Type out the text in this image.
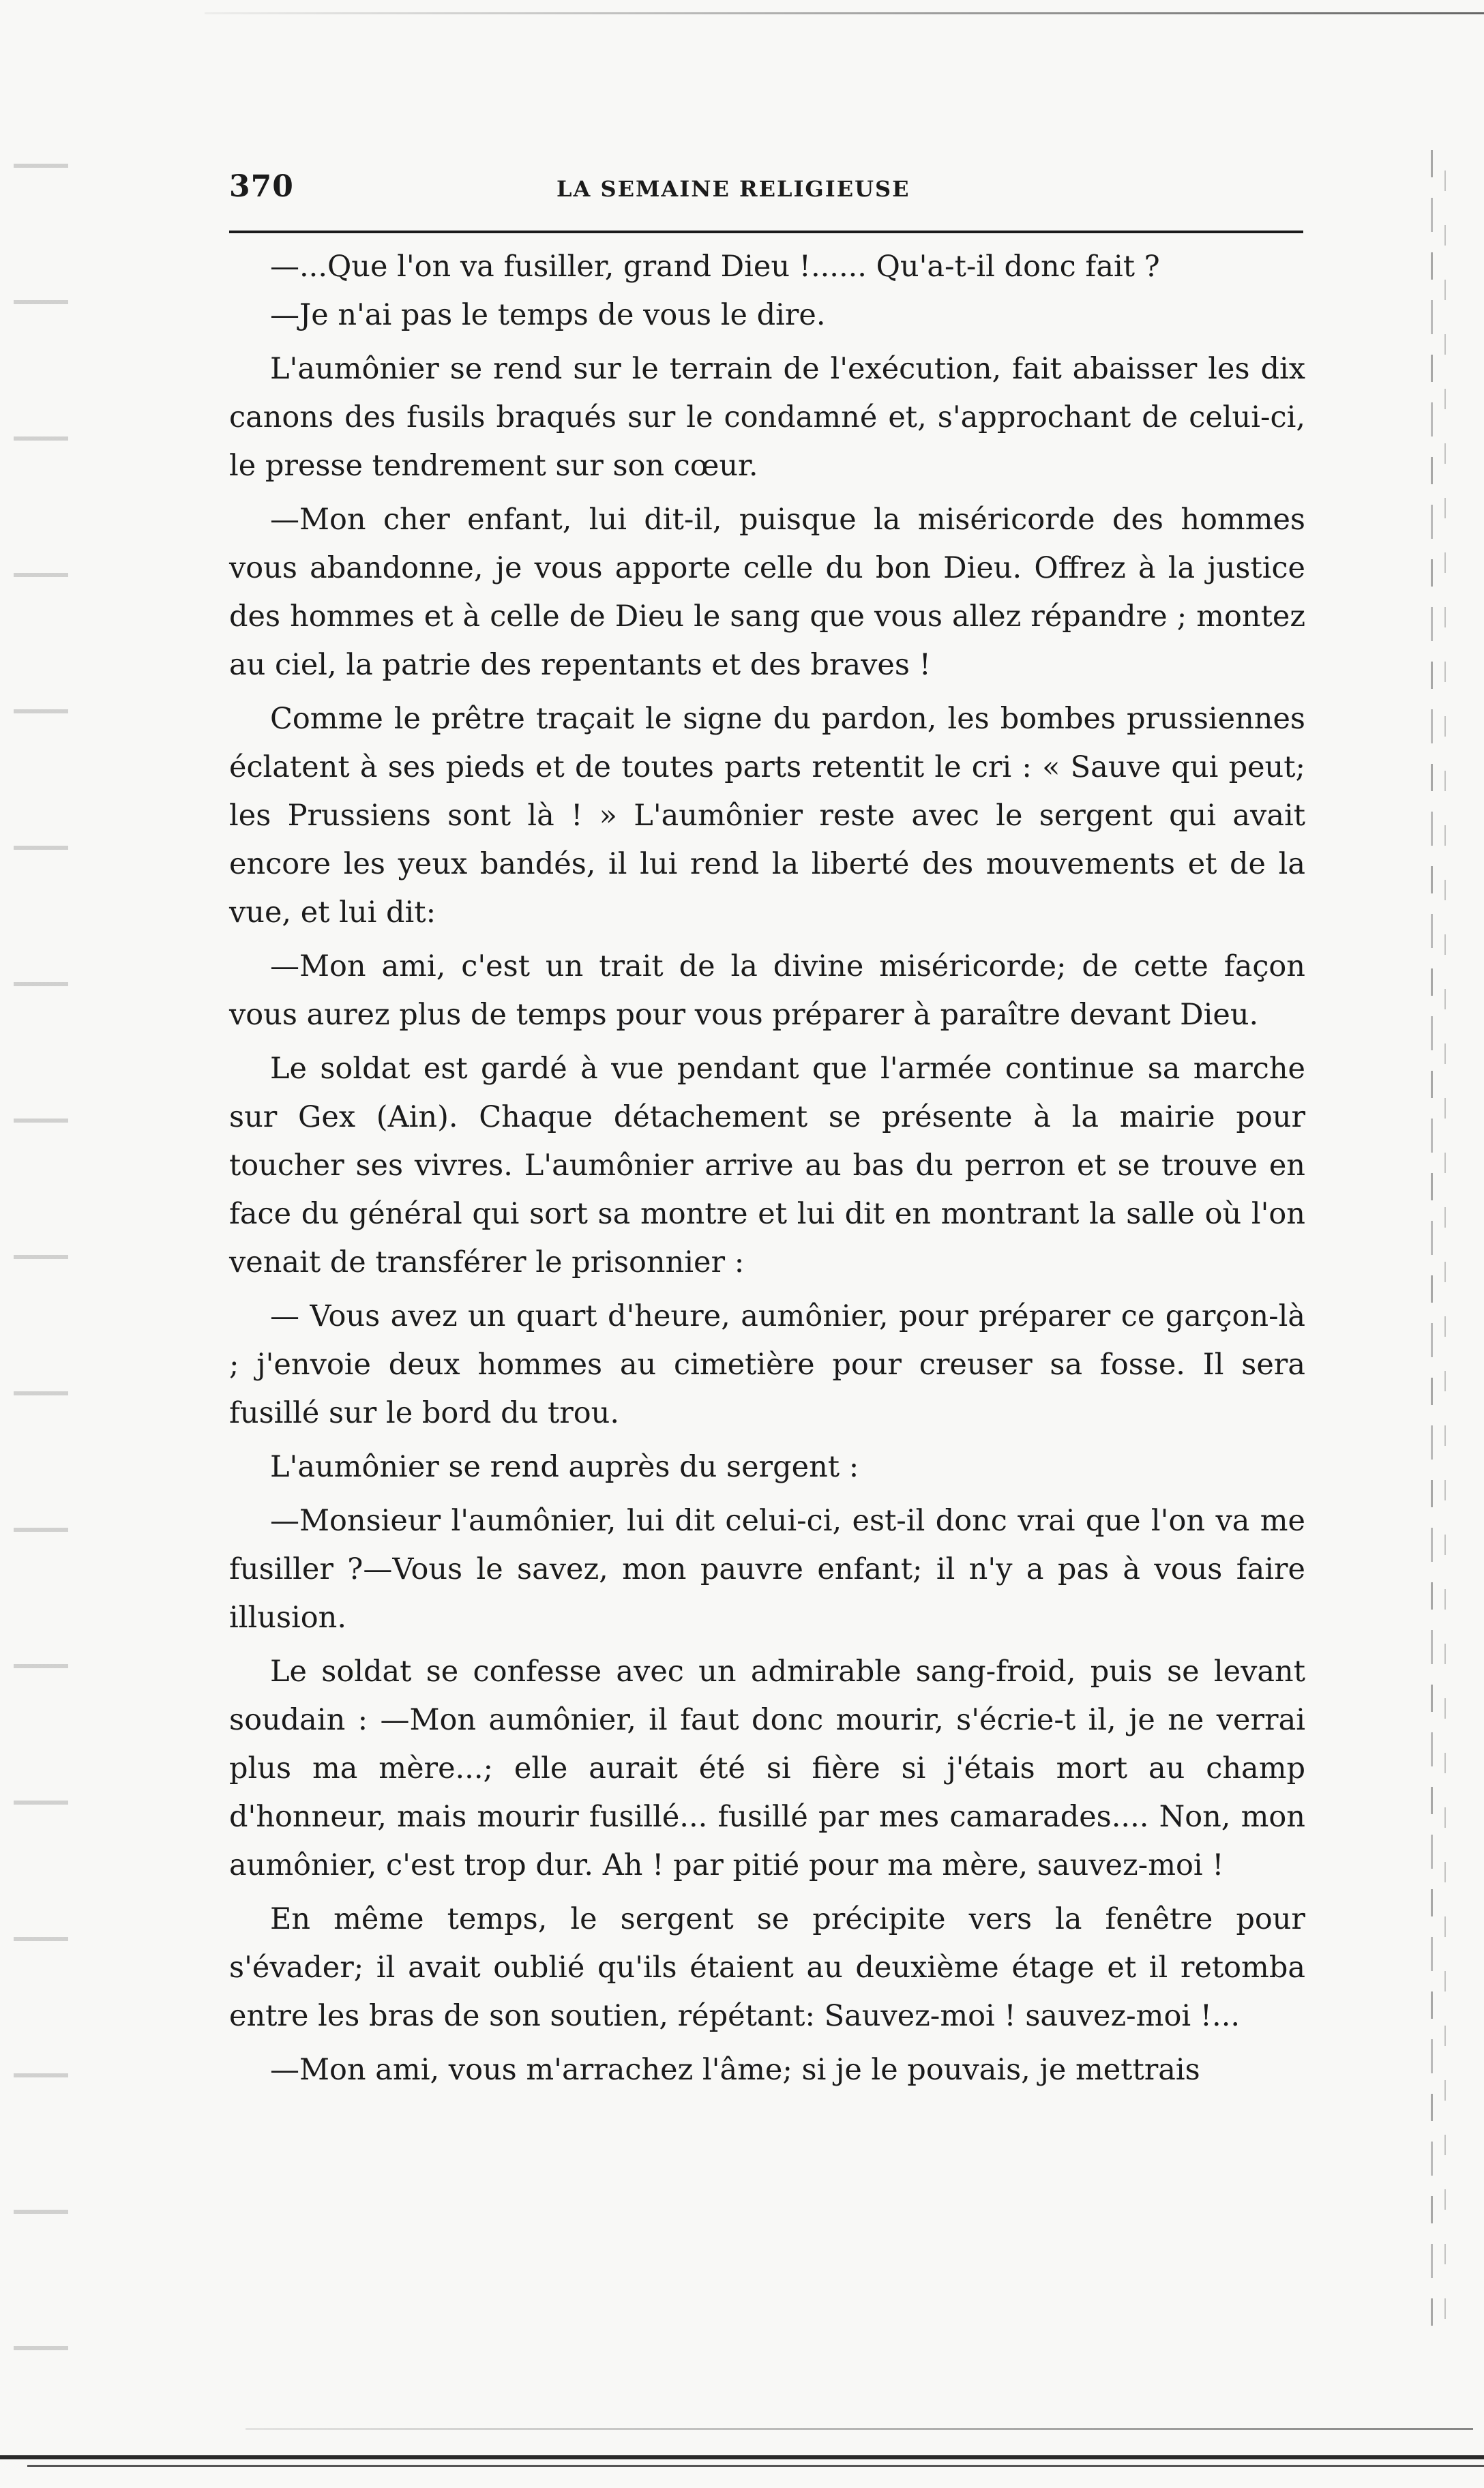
370	LA SEMAINE RELIGIEUSE

—...Que l'on va fusiller, grand Dieu !...... Qu'a-t-il donc fait ?

—Je n'ai pas le temps de vous le dire.

L'aumônier se rend sur le terrain de l'exécution, fait abaisser les dix canons des fusils braqués sur le condamné et, s'approchant de celui-ci, le presse tendrement sur son cœur.

—Mon cher enfant, lui dit-il, puisque la miséricorde des hommes vous abandonne, je vous apporte celle du bon Dieu. Offrez à la justice des hommes et à celle de Dieu le sang que vous allez répandre ; montez au ciel, la patrie des repentants et des braves !

Comme le prêtre traçait le signe du pardon, les bombes prussiennes éclatent à ses pieds et de toutes parts retentit le cri : « Sauve qui peut; les Prussiens sont là ! » L'aumônier reste avec le sergent qui avait encore les yeux bandés, il lui rend la liberté des mouvements et de la vue, et lui dit:

—Mon ami, c'est un trait de la divine miséricorde; de cette façon vous aurez plus de temps pour vous préparer à paraître devant Dieu.

Le soldat est gardé à vue pendant que l'armée continue sa marche sur Gex (Ain). Chaque détachement se présente à la mairie pour toucher ses vivres. L'aumônier arrive au bas du perron et se trouve en face du général qui sort sa montre et lui dit en montrant la salle où l'on venait de transférer le prisonnier :

— Vous avez un quart d'heure, aumônier, pour préparer ce garçon-là ; j'envoie deux hommes au cimetière pour creuser sa fosse. Il sera fusillé sur le bord du trou.

L'aumônier se rend auprès du sergent :

—Monsieur l'aumônier, lui dit celui-ci, est-il donc vrai que l'on va me fusiller ?—Vous le savez, mon pauvre enfant; il n'y a pas à vous faire illusion.

Le soldat se confesse avec un admirable sang-froid, puis se levant soudain : —Mon aumônier, il faut donc mourir, s'écrie-t il, je ne verrai plus ma mère...; elle aurait été si fière si j'étais mort au champ d'honneur, mais mourir fusillé... fusillé par mes camarades.... Non, mon aumônier, c'est trop dur. Ah ! par pitié pour ma mère, sauvez-moi !

En même temps, le sergent se précipite vers la fenêtre pour s'évader; il avait oublié qu'ils étaient au deuxième étage et il retomba entre les bras de son soutien, répétant: Sauvez-moi ! sauvez-moi !...

—Mon ami, vous m'arrachez l'âme; si je le pouvais, je mettrais
